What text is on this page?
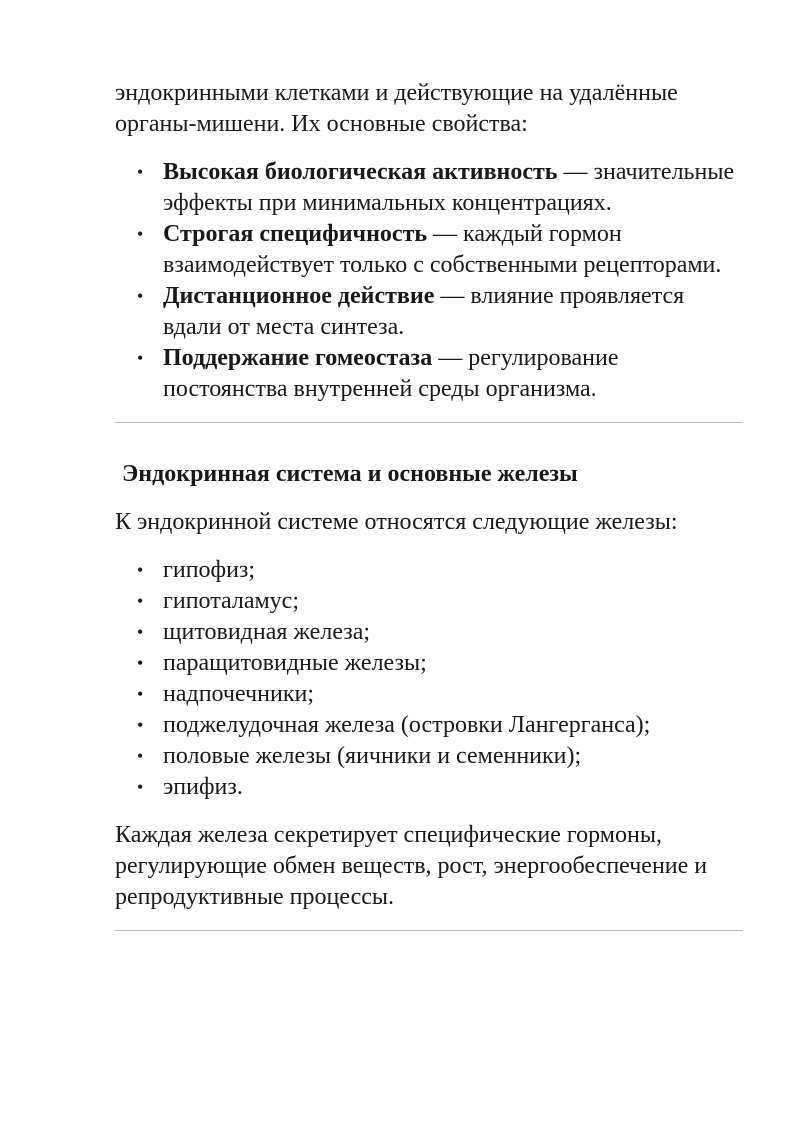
эндокринными клетками и действующие на удалённые органы-мишени. Их основные свойства:

• Высокая биологическая активность — значительные эффекты при минимальных концентрациях.
• Строгая специфичность — каждый гормон взаимодействует только с собственными рецепторами.
• Дистанционное действие — влияние проявляется вдали от места синтеза.
• Поддержание гомеостаза — регулирование постоянства внутренней среды организма.
Эндокринная система и основные железы

К эндокринной системе относятся следующие железы:

• гипофиз;
• гипоталамус;
• щитовидная железа;
• паращитовидные железы;
• надпочечники;
• поджелудочная железа (островки Лангерганса);
• половые железы (яичники и семенники);
• эпифиз.

Каждая железа секретирует специфические гормоны, регулирующие обмен веществ, рост, энергообеспечение и репродуктивные процессы.
